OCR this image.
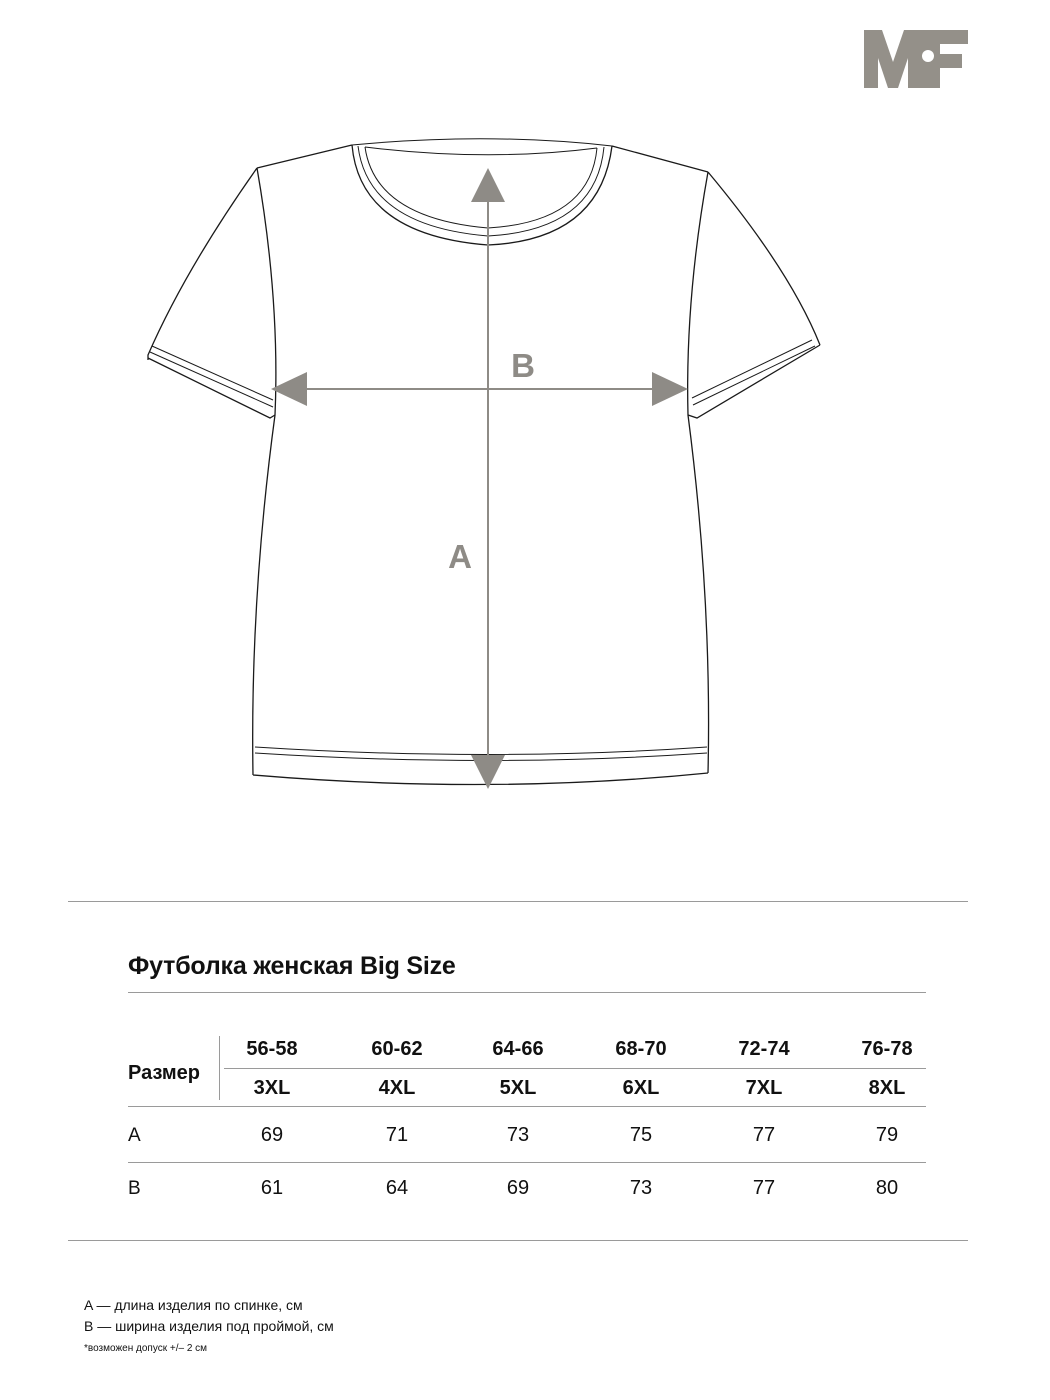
A
B
Футболка женская Big Size
Размер
56-58	60-62	64-66	68-70	72-74	76-78
3XL	4XL	5XL	6XL	7XL	8XL
A	69	71	73	75	77	79
B	61	64	69	73	77	80
A — длина изделия по спинке, см
B — ширина изделия под проймой, см
*возможен допуск +/– 2 см
